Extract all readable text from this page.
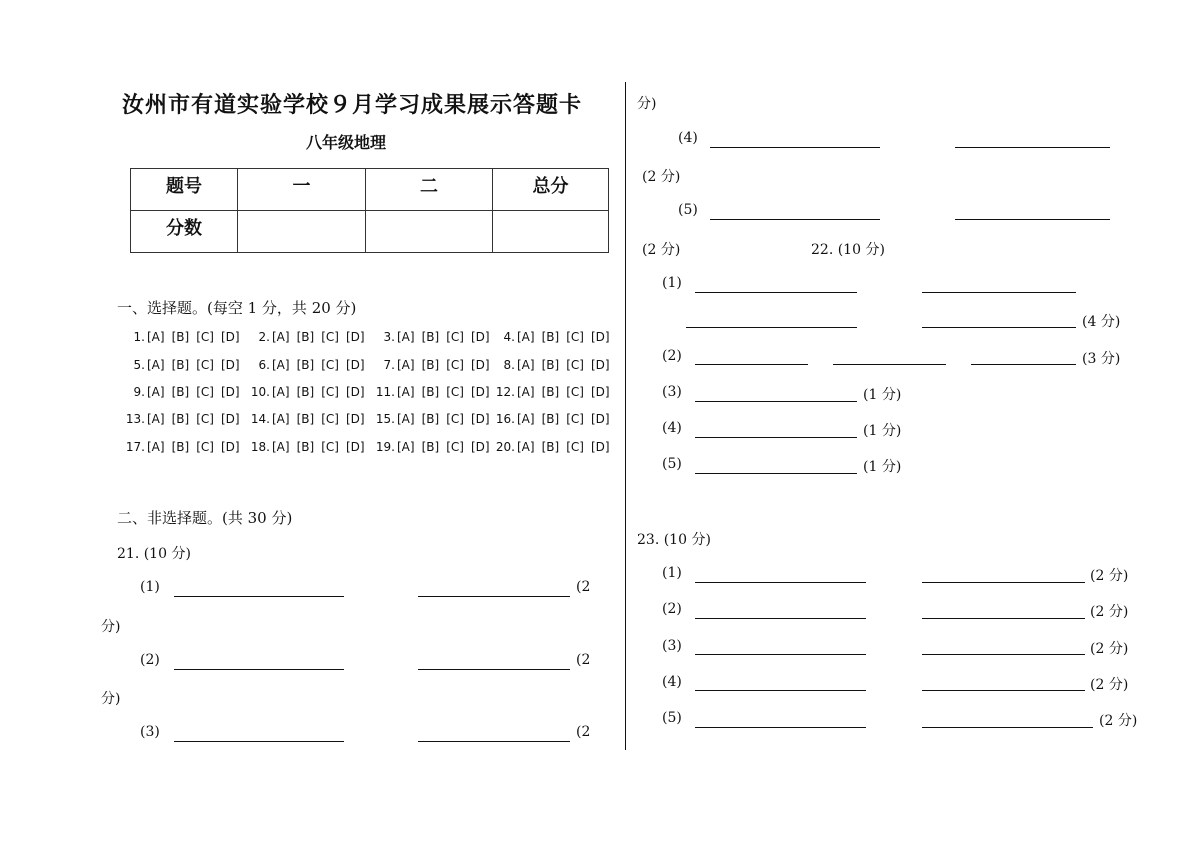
汝州市有道实验学校９月学习成果展示答题卡
八年级地理
题号	一	二	总分
分数			
一、选择题。(每空 1 分，共 20 分)
1. [A] [B] [C] [D]	2. [A] [B] [C] [D]	3. [A] [B] [C] [D]	4. [A] [B] [C] [D]
5. [A] [B] [C] [D]	6. [A] [B] [C] [D]	7. [A] [B] [C] [D]	8. [A] [B] [C] [D]
9. [A] [B] [C] [D] 10. [A] [B] [C] [D] 11. [A] [B] [C] [D] 12. [A] [B] [C] [D]
13. [A] [B] [C] [D] 14. [A] [B] [C] [D] 15. [A] [B] [C] [D] 16. [A] [B] [C] [D]
17. [A] [B] [C] [D] 18. [A] [B] [C] [D] 19. [A] [B] [C] [D] 20. [A] [B] [C] [D]
二、非选择题。(共 30 分)
21. (10 分)
(1)	(2
分)
(2)	(2
分)
(3)	(2
分)
(4)
(2 分)
(5)
(2 分)	22. (10 分)
(1)
(4 分)
(2)	(3 分)
(3)	(1 分)
(4)	(1 分)
(5)	(1 分)
23. (10 分)
(1)	(2 分)
(2)	(2 分)
(3)	(2 分)
(4)	(2 分)
(5)	(2 分)
